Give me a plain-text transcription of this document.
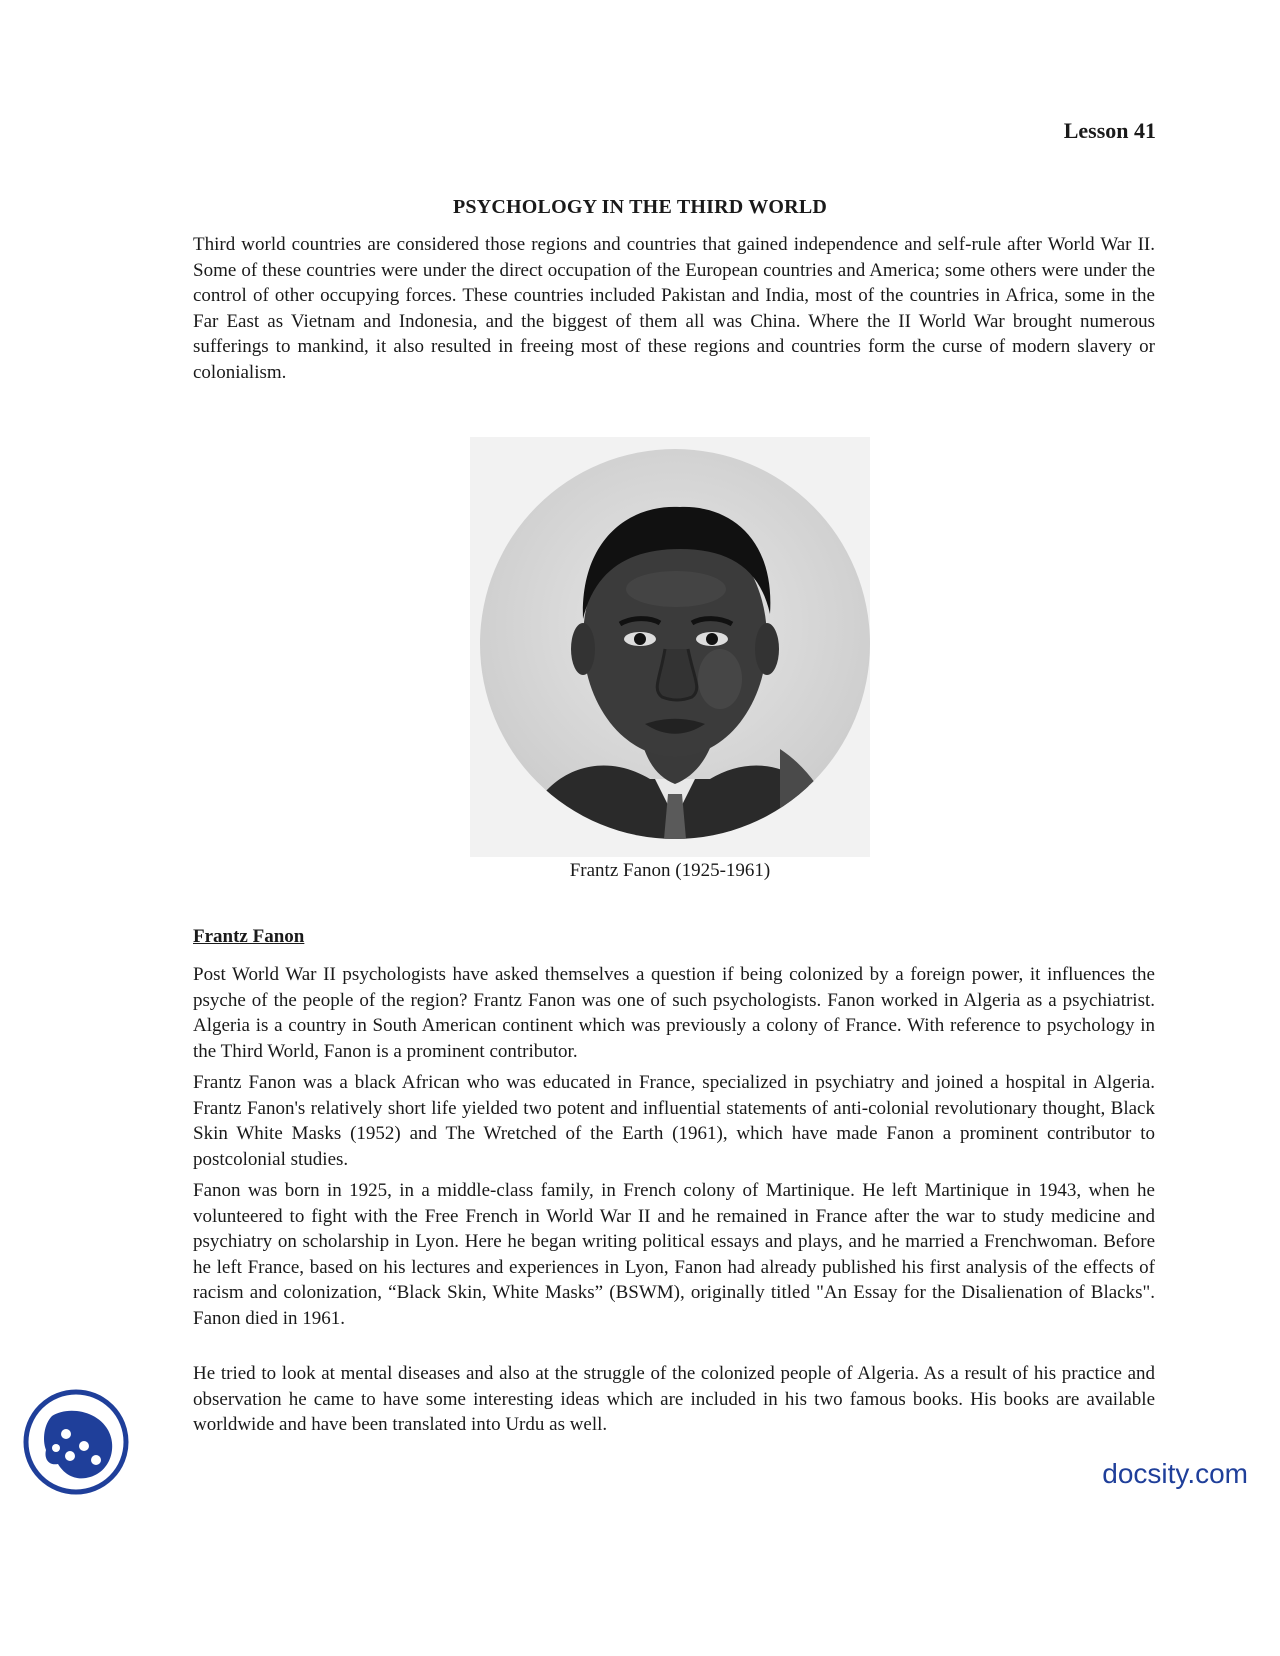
Lesson 41
PSYCHOLOGY IN THE THIRD WORLD

Third world countries are considered those regions and countries that gained independence and self-rule after World War II. Some of these countries were under the direct occupation of the European countries and America; some others were under the control of other occupying forces. These countries included Pakistan and India, most of the countries in Africa, some in the Far East as Vietnam and Indonesia, and the biggest of them all was China. Where the II World War brought numerous sufferings to mankind, it also resulted in freeing most of these regions and countries form the curse of modern slavery or colonialism.

Frantz Fanon (1925-1961)
Frantz Fanon

Post World War II psychologists have asked themselves a question if being colonized by a foreign power, it influences the psyche of the people of the region? Frantz Fanon was one of such psychologists. Fanon worked in Algeria as a psychiatrist. Algeria is a country in South American continent which was previously a colony of France. With reference to psychology in the Third World, Fanon is a prominent contributor.

Frantz Fanon was a black African who was educated in France, specialized in psychiatry and joined a hospital in Algeria. Frantz Fanon's relatively short life yielded two potent and influential statements of anti-colonial revolutionary thought, Black Skin White Masks (1952) and The Wretched of the Earth (1961), which have made Fanon a prominent contributor to postcolonial studies.

Fanon was born in 1925, in a middle-class family, in French colony of Martinique. He left Martinique in 1943, when he volunteered to fight with the Free French in World War II and he remained in France after the war to study medicine and psychiatry on scholarship in Lyon. Here he began writing political essays and plays, and he married a Frenchwoman. Before he left France, based on his lectures and experiences in Lyon, Fanon had already published his first analysis of the effects of racism and colonization, “Black Skin, White Masks” (BSWM), originally titled "An Essay for the Disalienation of Blacks". Fanon died in 1961.

He tried to look at mental diseases and also at the struggle of the colonized people of Algeria. As a result of his practice and observation he came to have some interesting ideas which are included in his two famous books. His books are available worldwide and have been translated into Urdu as well.

docsity.com
